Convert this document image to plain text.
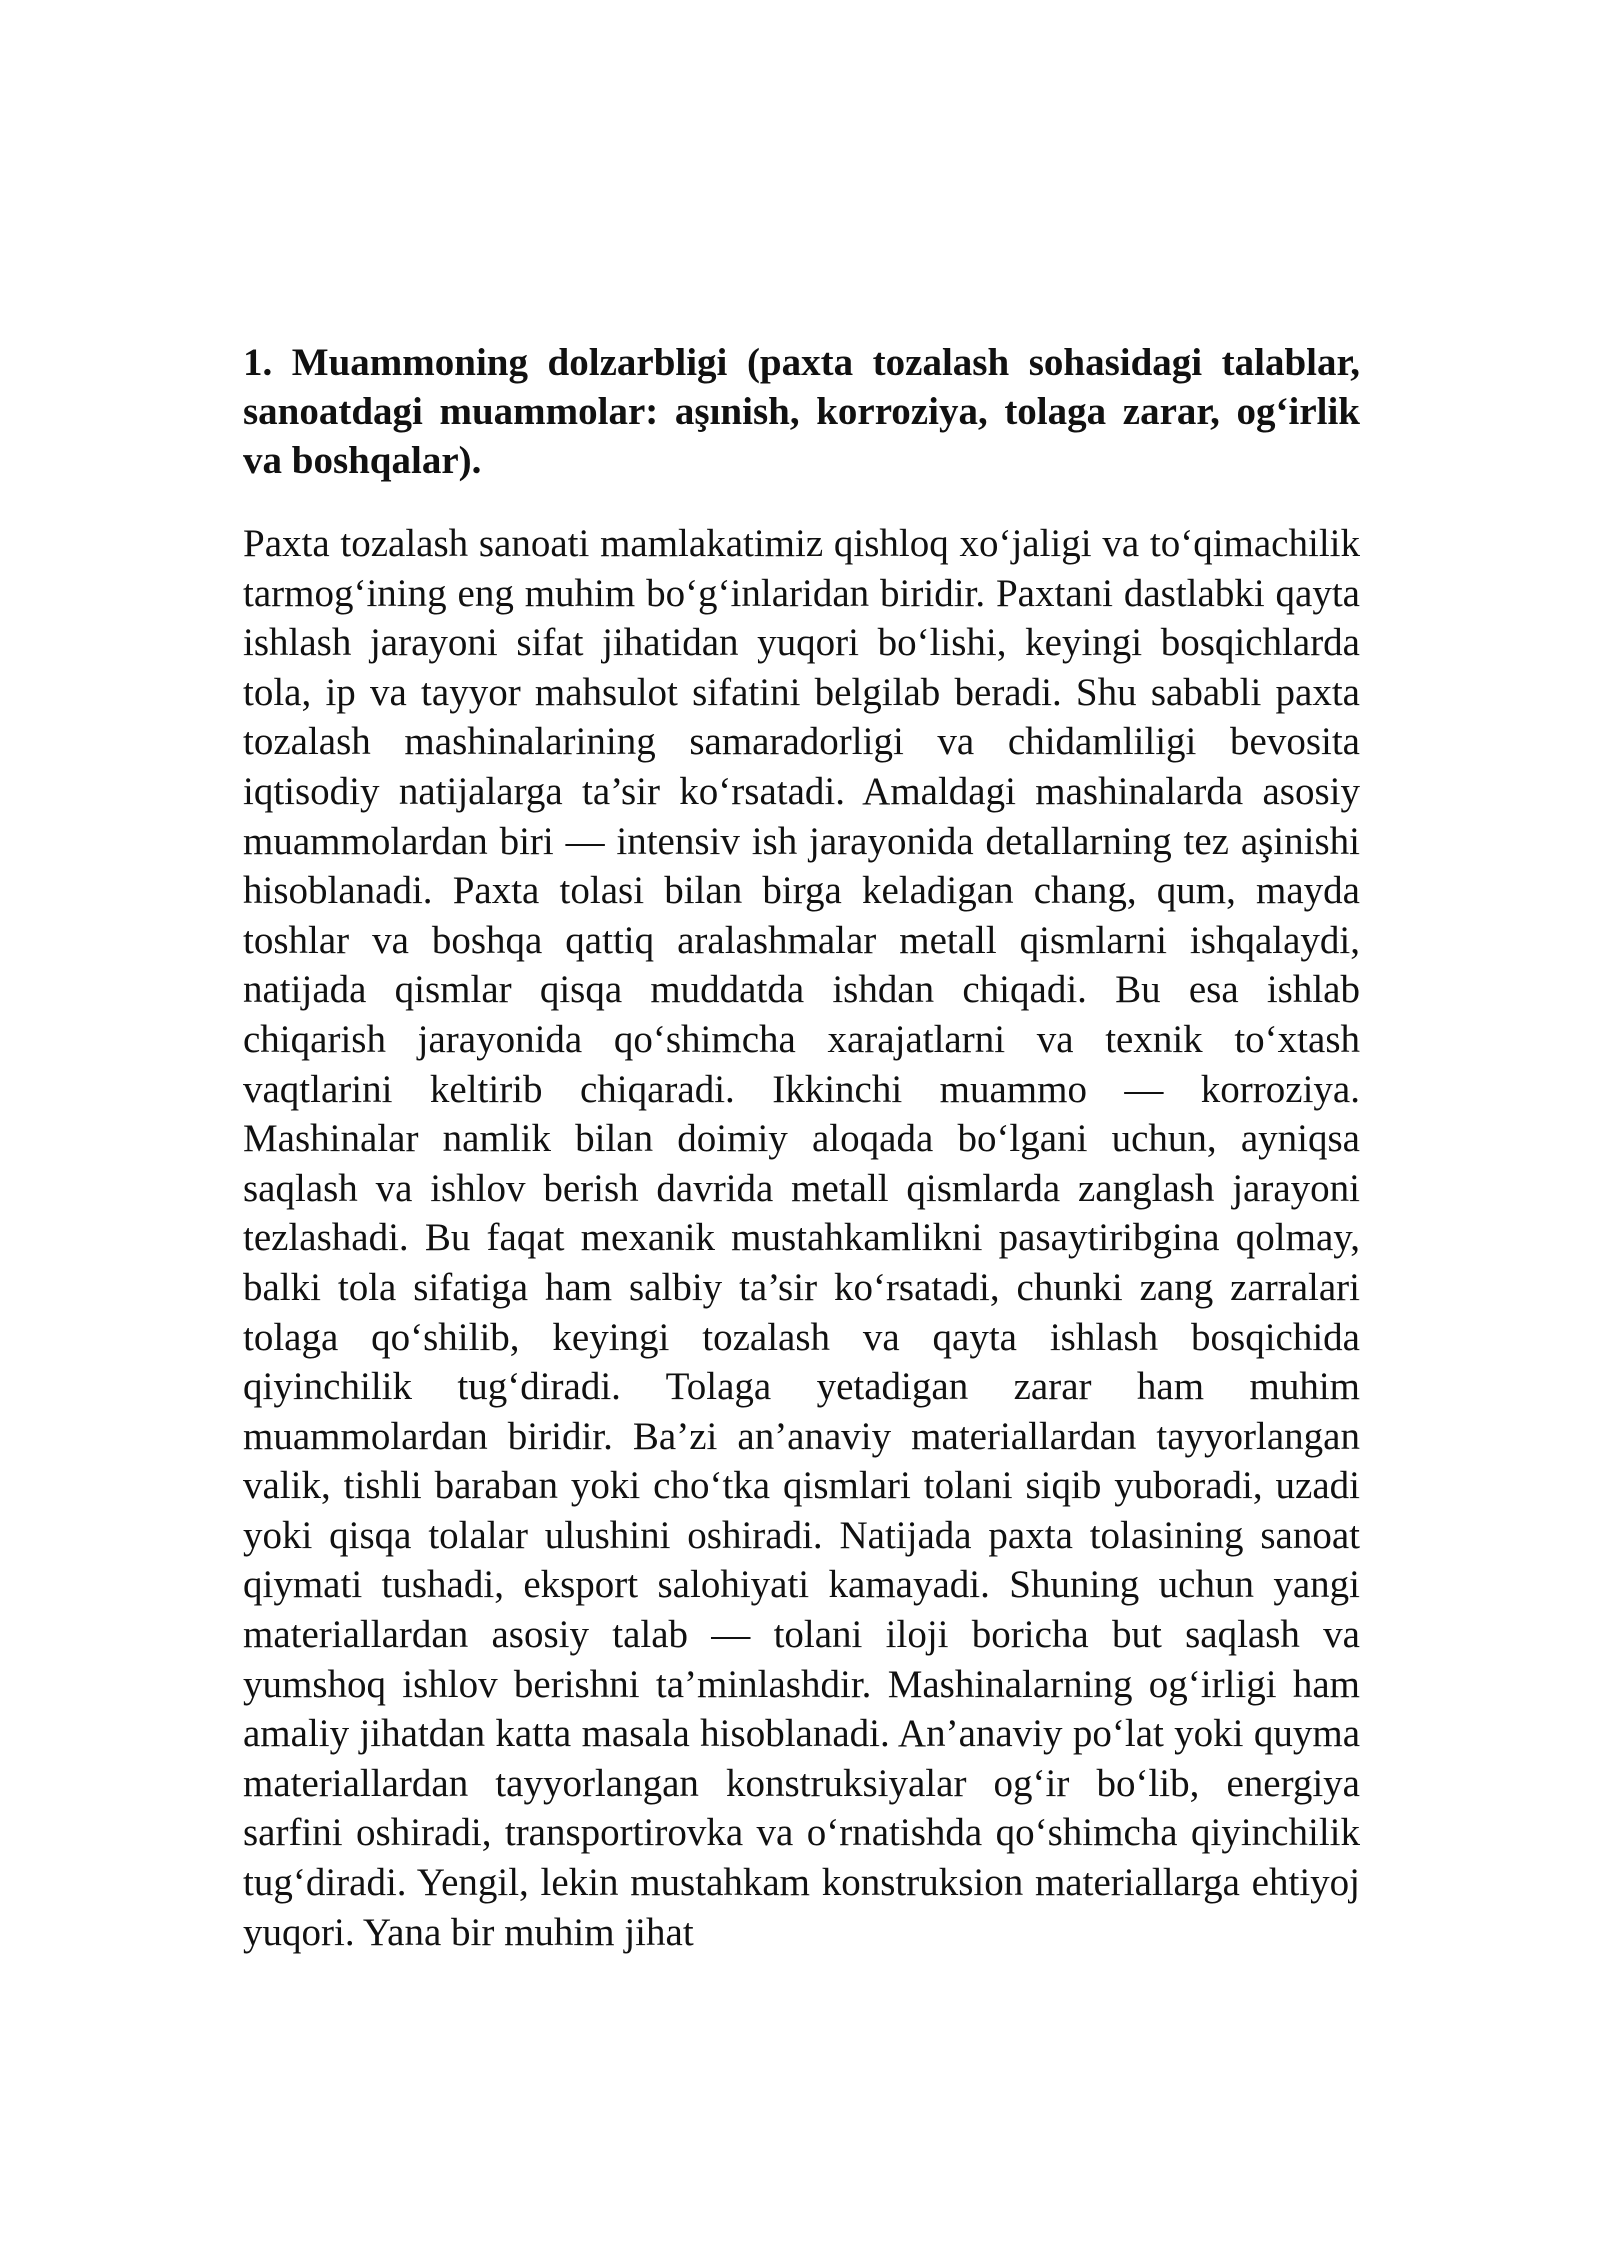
1. Muammoning dolzarbligi (paxta tozalash sohasidagi talablar, sanoatdagi muammolar: aşınish, korroziya, tolaga zarar, og‘irlik va boshqalar).

Paxta tozalash sanoati mamlakatimiz qishloq xo‘jaligi va to‘qimachilik tarmog‘ining eng muhim bo‘g‘inlaridan biridir. Paxtani dastlabki qayta ishlash jarayoni sifat jihatidan yuqori bo‘lishi, keyingi bosqichlarda tola, ip va tayyor mahsulot sifatini belgilab beradi. Shu sababli paxta tozalash mashinalarining samaradorligi va chidamliligi bevosita iqtisodiy natijalarga ta’sir ko‘rsatadi. Amaldagi mashinalarda asosiy muammolardan biri — intensiv ish jarayonida detallarning tez aşinishi hisoblanadi. Paxta tolasi bilan birga keladigan chang, qum, mayda toshlar va boshqa qattiq aralashmalar metall qismlarni ishqalaydi, natijada qismlar qisqa muddatda ishdan chiqadi. Bu esa ishlab chiqarish jarayonida qo‘shimcha xarajatlarni va texnik to‘xtash vaqtlarini keltirib chiqaradi. Ikkinchi muammo — korroziya. Mashinalar namlik bilan doimiy aloqada bo‘lgani uchun, ayniqsa saqlash va ishlov berish davrida metall qismlarda zanglash jarayoni tezlashadi. Bu faqat mexanik mustahkamlikni pasaytiribgina qolmay, balki tola sifatiga ham salbiy ta’sir ko‘rsatadi, chunki zang zarralari tolaga qo‘shilib, keyingi tozalash va qayta ishlash bosqichida qiyinchilik tug‘diradi. Tolaga yetadigan zarar ham muhim muammolardan biridir. Ba’zi an’anaviy materiallardan tayyorlangan valik, tishli baraban yoki cho‘tka qismlari tolani siqib yuboradi, uzadi yoki qisqa tolalar ulushini oshiradi. Natijada paxta tolasining sanoat qiymati tushadi, eksport salohiyati kamayadi. Shuning uchun yangi materiallardan asosiy talab — tolani iloji boricha but saqlash va yumshoq ishlov berishni ta’minlashdir. Mashinalarning og‘irligi ham amaliy jihatdan katta masala hisoblanadi. An’anaviy po‘lat yoki quyma materiallardan tayyorlangan konstruksiyalar og‘ir bo‘lib, energiya sarfini oshiradi, transportirovka va o‘rnatishda qo‘shimcha qiyinchilik tug‘diradi. Yengil, lekin mustahkam konstruksion materiallarga ehtiyoj yuqori. Yana bir muhim jihat
